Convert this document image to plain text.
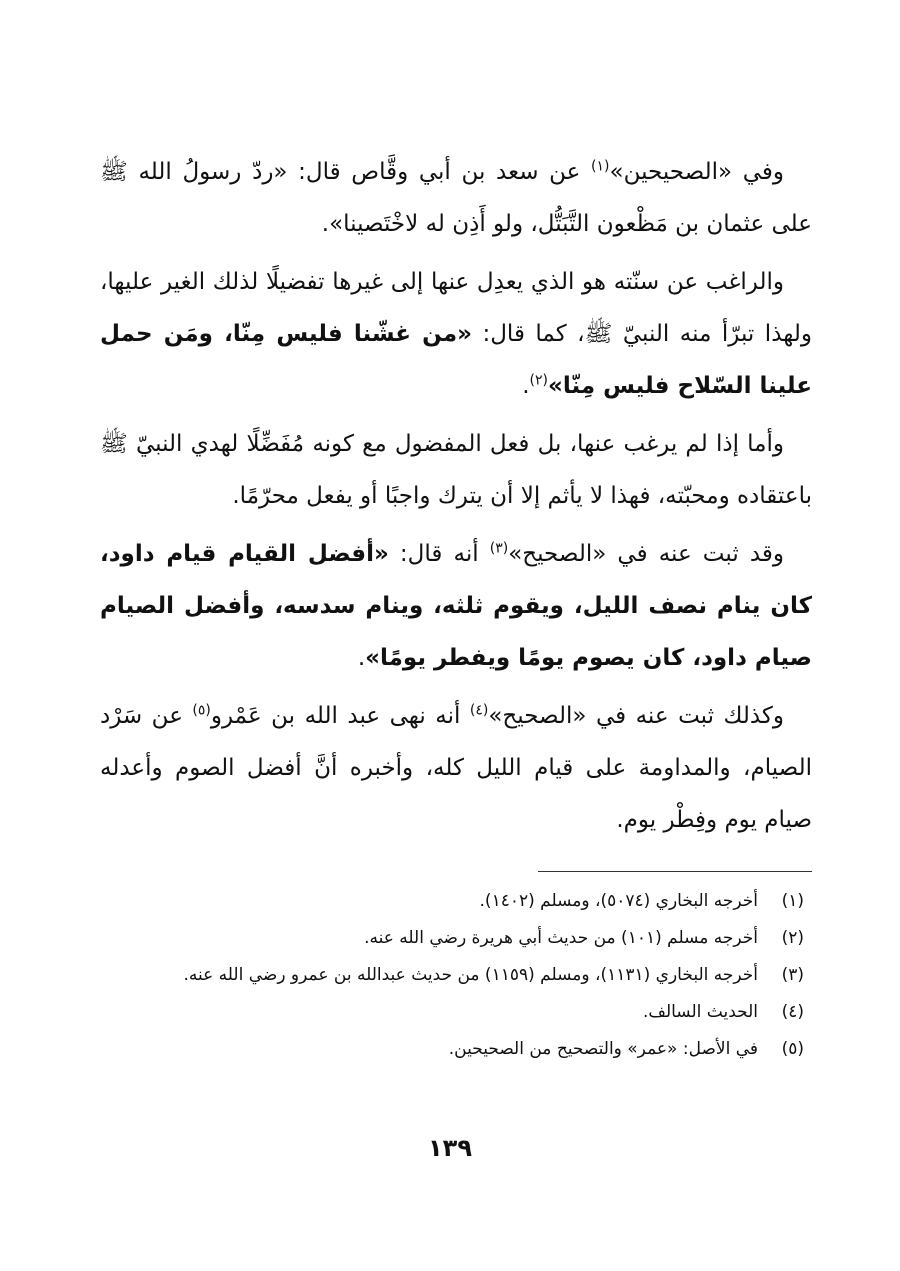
وفي «الصحيحين»$^{(١)}$ عن سعد بن أبي وقَّاص قال: «ردّ رسولُ الله ﷺ على عثمان بن مَظْعون التَّبَتُّل، ولو أَذِن له لاخْتَصينا».

والراغب عن سنّته هو الذي يعدِل عنها إلى غيرها تفضيلًا لذلك الغير عليها، ولهذا تبرّأ منه النبيّ ﷺ، كما قال: «من غشّنا فليس مِنّا، ومَن حمل علينا السّلاح فليس مِنّا»$^{(٢)}$.

وأما إذا لم يرغب عنها، بل فعل المفضول مع كونه مُفَضِّلًا لهدي النبيّ ﷺ باعتقاده ومحبّته، فهذا لا يأثم إلا أن يترك واجبًا أو يفعل محرّمًا.

وقد ثبت عنه في «الصحيح»$^{(٣)}$ أنه قال: «أفضل القيام قيام داود، كان ينام نصف الليل، ويقوم ثلثه، وينام سدسه، وأفضل الصيام صيام داود، كان يصوم يومًا ويفطر يومًا».

وكذلك ثبت عنه في «الصحيح»$^{(٤)}$ أنه نهى عبد الله بن عَمْرو$^{(٥)}$ عن سَرْد الصيام، والمداومة على قيام الليل كله، وأخبره أنَّ أفضل الصوم وأعدله صيام يوم وفِطْر يوم.

(١)
أخرجه البخاري (٥٠٧٤)، ومسلم (١٤٠٢).
(٢)
أخرجه مسلم (١٠١) من حديث أبي هريرة رضي الله عنه.
(٣)
أخرجه البخاري (١١٣١)، ومسلم (١١٥٩) من حديث عبدالله بن عمرو رضي الله عنه.
(٤)
الحديث السالف.
(٥)
في الأصل: «عمر» والتصحيح من الصحيحين.
١٣٩
